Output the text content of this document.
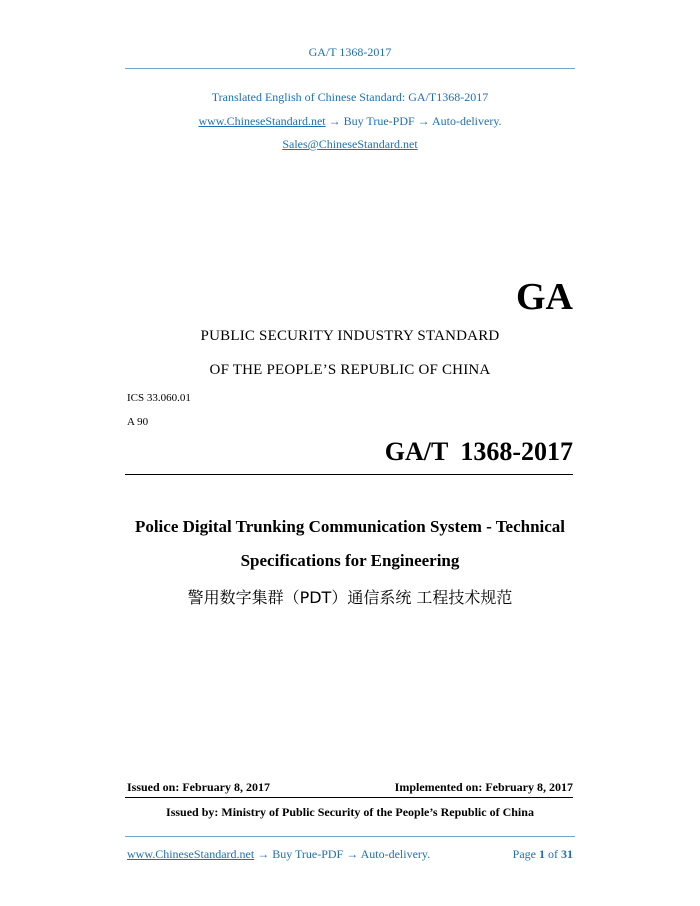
GA/T 1368-2017
Translated English of Chinese Standard: GA/T1368-2017
www.ChineseStandard.net → Buy True-PDF → Auto-delivery.
Sales@ChineseStandard.net
GA
PUBLIC SECURITY INDUSTRY STANDARD
OF THE PEOPLE’S REPUBLIC OF CHINA
ICS 33.060.01
A 90
GA/T 1368-2017
Police Digital Trunking Communication System - Technical
Specifications for Engineering
警用数字集群（PDT）通信系统 工程技术规范
Issued on: February 8, 2017	Implemented on: February 8, 2017
Issued by: Ministry of Public Security of the People’s Republic of China
www.ChineseStandard.net → Buy True-PDF → Auto-delivery.	Page 1 of 31
